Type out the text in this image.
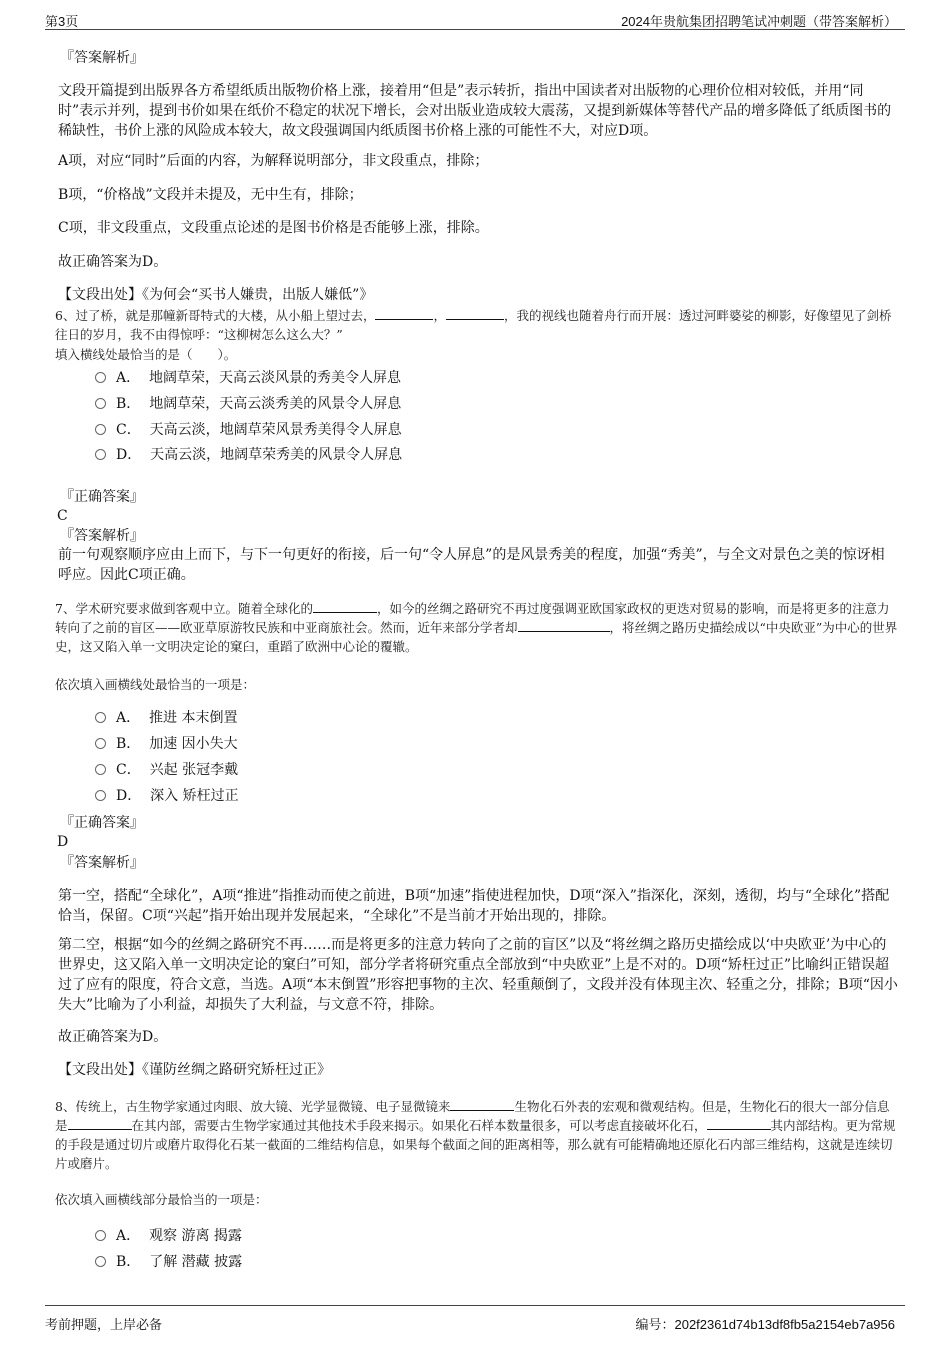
第3页	2024年贵航集团招聘笔试冲刺题（带答案解析）

『答案解析』

文段开篇提到出版界各方希望纸质出版物价格上涨，接着用“但是”表示转折，指出中国读者对出版物的心理价位相对较低，并用“同时”表示并列，提到书价如果在纸价不稳定的状况下增长，会对出版业造成较大震荡，又提到新媒体等替代产品的增多降低了纸质图书的稀缺性，书价上涨的风险成本较大，故文段强调国内纸质图书价格上涨的可能性不大，对应D项。

A项，对应“同时”后面的内容，为解释说明部分，非文段重点，排除；

B项，“价格战”文段并未提及，无中生有，排除；

C项，非文段重点，文段重点论述的是图书价格是否能够上涨，排除。

故正确答案为D。

【文段出处】《为何会“买书人嫌贵，出版人嫌低”》

6、过了桥，就是那幢新哥特式的大楼，从小船上望过去，	，	，我的视线也随着舟行而开展：透过河畔婆娑的柳影，好像望见了剑桥往日的岁月，我不由得惊呼：“这柳树怎么这么大？”

填入横线处最恰当的是（　　）。

A． 地阔草荣，天高云淡风景的秀美令人屏息
B． 地阔草荣，天高云淡秀美的风景令人屏息
C． 天高云淡，地阔草荣风景秀美得令人屏息
D． 天高云淡，地阔草荣秀美的风景令人屏息

『正确答案』

C

『答案解析』

前一句观察顺序应由上而下，与下一句更好的衔接，后一句“令人屏息”的是风景秀美的程度，加强“秀美”，与全文对景色之美的惊讶相呼应。因此C项正确。

7、学术研究要求做到客观中立。随着全球化的	，如今的丝绸之路研究不再过度强调亚欧国家政权的更迭对贸易的影响，而是将更多的注意力转向了之前的盲区——欧亚草原游牧民族和中亚商旅社会。然而，近年来部分学者却	，将丝绸之路历史描绘成以“中央欧亚”为中心的世界史，这又陷入单一文明决定论的窠臼，重蹈了欧洲中心论的覆辙。

依次填入画横线处最恰当的一项是：

A． 推进 本末倒置
B． 加速 因小失大
C． 兴起 张冠李戴
D． 深入 矫枉过正

『正确答案』

D

『答案解析』

第一空，搭配“全球化”，A项“推进”指推动而使之前进，B项“加速”指使进程加快，D项“深入”指深化，深刻，透彻，均与“全球化”搭配恰当，保留。C项“兴起”指开始出现并发展起来，“全球化”不是当前才开始出现的，排除。

第二空，根据“如今的丝绸之路研究不再……而是将更多的注意力转向了之前的盲区”以及“将丝绸之路历史描绘成以‘中央欧亚’为中心的世界史，这又陷入单一文明决定论的窠臼”可知，部分学者将研究重点全部放到“中央欧亚”上是不对的。D项“矫枉过正”比喻纠正错误超过了应有的限度，符合文意，当选。A项“本末倒置”形容把事物的主次、轻重颠倒了，文段并没有体现主次、轻重之分，排除；B项“因小失大”比喻为了小利益，却损失了大利益，与文意不符，排除。

故正确答案为D。

【文段出处】《谨防丝绸之路研究矫枉过正》

8、传统上，古生物学家通过肉眼、放大镜、光学显微镜、电子显微镜来	生物化石外表的宏观和微观结构。但是，生物化石的很大一部分信息是	在其内部，需要古生物学家通过其他技术手段来揭示。如果化石样本数量很多，可以考虑直接破坏化石，	其内部结构。更为常规的手段是通过切片或磨片取得化石某一截面的二维结构信息，如果每个截面之间的距离相等，那么就有可能精确地还原化石内部三维结构，这就是连续切片或磨片。

依次填入画横线部分最恰当的一项是：

A． 观察 游离 揭露
B． 了解 潜藏 披露
考前押题，上岸必备	编号：202f2361d74b13df8fb5a2154eb7a956
